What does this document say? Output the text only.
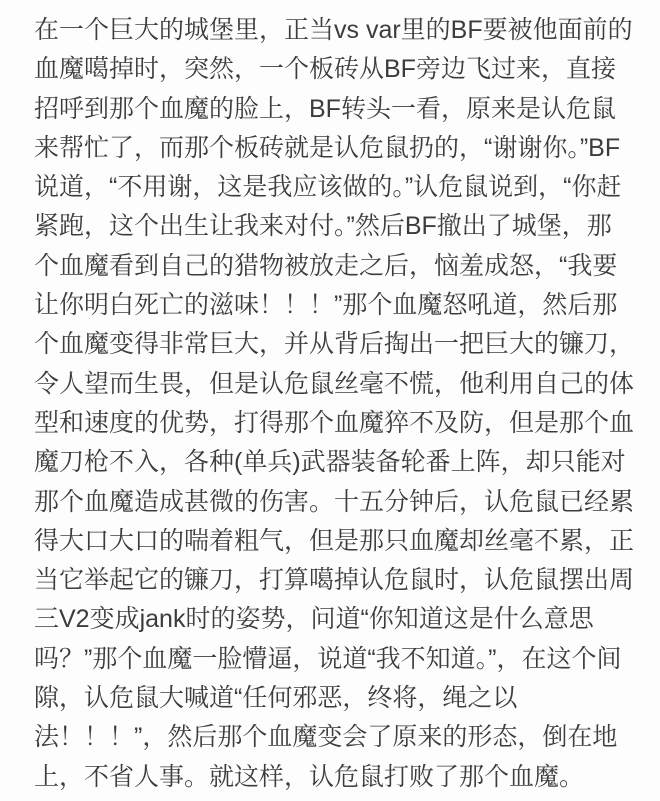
在一个巨大的城堡里，正当vs var里的BF要被他面前的
血魔噶掉时，突然，一个板砖从BF旁边飞过来，直接
招呼到那个血魔的脸上，BF转头一看，原来是认危鼠
来帮忙了，而那个板砖就是认危鼠扔的，“谢谢你。”BF
说道，“不用谢，这是我应该做的。”认危鼠说到，“你赶
紧跑，这个出生让我来对付。”然后BF撤出了城堡，那
个血魔看到自己的猎物被放走之后，恼羞成怒，“我要
让你明白死亡的滋味！！！”那个血魔怒吼道，然后那
个血魔变得非常巨大，并从背后掏出一把巨大的镰刀，
令人望而生畏，但是认危鼠丝毫不慌，他利用自己的体
型和速度的优势，打得那个血魔猝不及防，但是那个血
魔刀枪不入，各种(单兵)武器装备轮番上阵，却只能对
那个血魔造成甚微的伤害。十五分钟后，认危鼠已经累
得大口大口的喘着粗气，但是那只血魔却丝毫不累，正
当它举起它的镰刀，打算噶掉认危鼠时，认危鼠摆出周
三V2变成jank时的姿势，问道“你知道这是什么意思
吗？”那个血魔一脸懵逼，说道“我不知道。”，在这个间
隙，认危鼠大喊道“任何邪恶，终将，绳之以
法！！！”，然后那个血魔变会了原来的形态，倒在地
上，不省人事。就这样，认危鼠打败了那个血魔。
